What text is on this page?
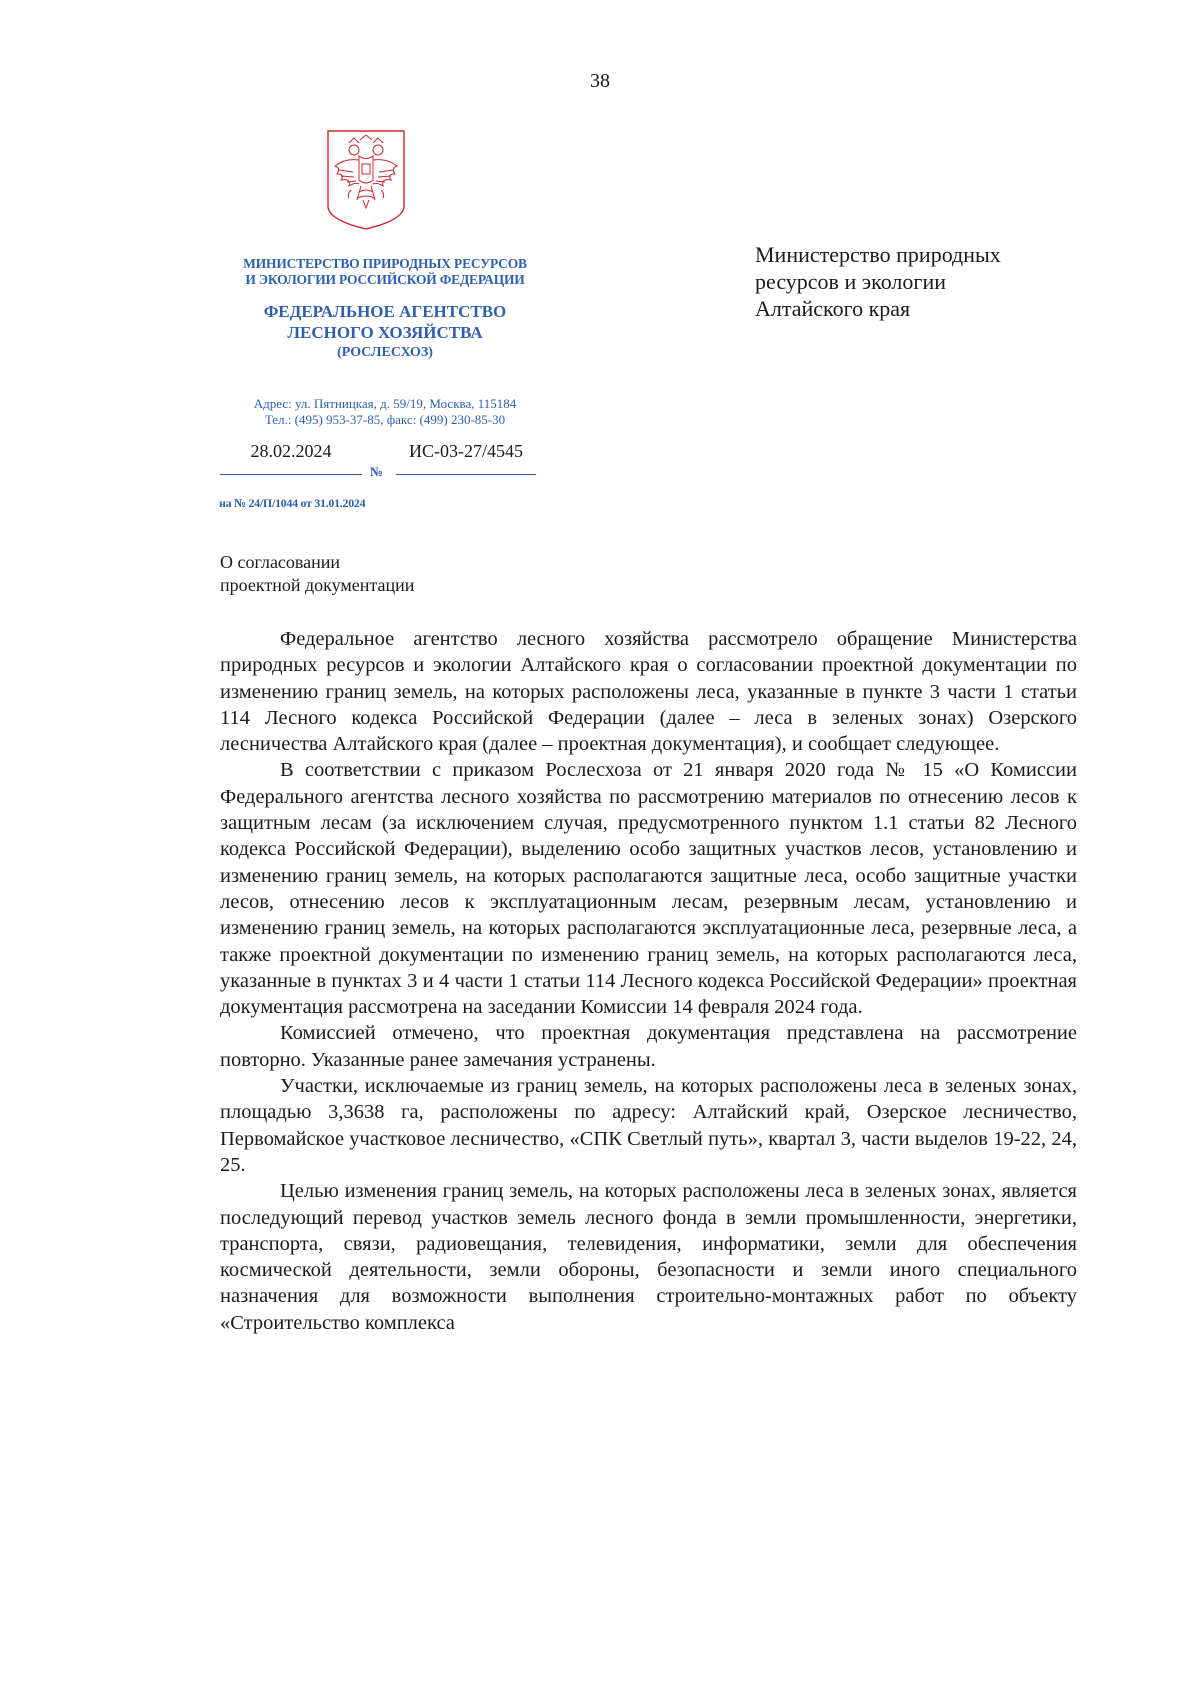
38
МИНИСТЕРСТВО ПРИРОДНЫХ РЕСУРСОВ
И ЭКОЛОГИИ РОССИЙСКОЙ ФЕДЕРАЦИИ
ФЕДЕРАЛЬНОЕ АГЕНТСТВО
ЛЕСНОГО ХОЗЯЙСТВА
(РОСЛЕСХОЗ)
Адрес: ул. Пятницкая, д. 59/19, Москва, 115184
Тел.: (495) 953-37-85, факс: (499) 230-85-30
28.02.2024
№
ИС-03-27/4545
на № 24/П/1044 от 31.01.2024
Министерство природных
ресурсов и экологии
Алтайского края
О согласовании
проектной документации

Федеральное агентство лесного хозяйства рассмотрело обращение Министерства природных ресурсов и экологии Алтайского края о согласовании проектной документации по изменению границ земель, на которых расположены леса, указанные в пункте 3 части 1 статьи 114 Лесного кодекса Российской Федерации (далее – леса в зеленых зонах) Озерского лесничества Алтайского края (далее – проектная документация), и сообщает следующее.

В соответствии с приказом Рослесхоза от 21 января 2020 года № 15 «О Комиссии Федерального агентства лесного хозяйства по рассмотрению материалов по отнесению лесов к защитным лесам (за исключением случая, предусмотренного пунктом 1.1 статьи 82 Лесного кодекса Российской Федерации), выделению особо защитных участков лесов, установлению и изменению границ земель, на которых располагаются защитные леса, особо защитные участки лесов, отнесению лесов к эксплуатационным лесам, резервным лесам, установлению и изменению границ земель, на которых располагаются эксплуатационные леса, резервные леса, а также проектной документации по изменению границ земель, на которых располагаются леса, указанные в пунктах 3 и 4 части 1 статьи 114 Лесного кодекса Российской Федерации» проектная документация рассмотрена на заседании Комиссии 14 февраля 2024 года.

Комиссией отмечено, что проектная документация представлена на рассмотрение повторно. Указанные ранее замечания устранены.

Участки, исключаемые из границ земель, на которых расположены леса в зеленых зонах, площадью 3,3638 га, расположены по адресу: Алтайский край, Озерское лесничество, Первомайское участковое лесничество, «СПК Светлый путь», квартал 3, части выделов 19-22, 24, 25.

Целью изменения границ земель, на которых расположены леса в зеленых зонах, является последующий перевод участков земель лесного фонда в земли промышленности, энергетики, транспорта, связи, радиовещания, телевидения, информатики, земли для обеспечения космической деятельности, земли обороны, безопасности и земли иного специального назначения для возможности выполнения строительно-монтажных работ по объекту «Строительство комплекса
